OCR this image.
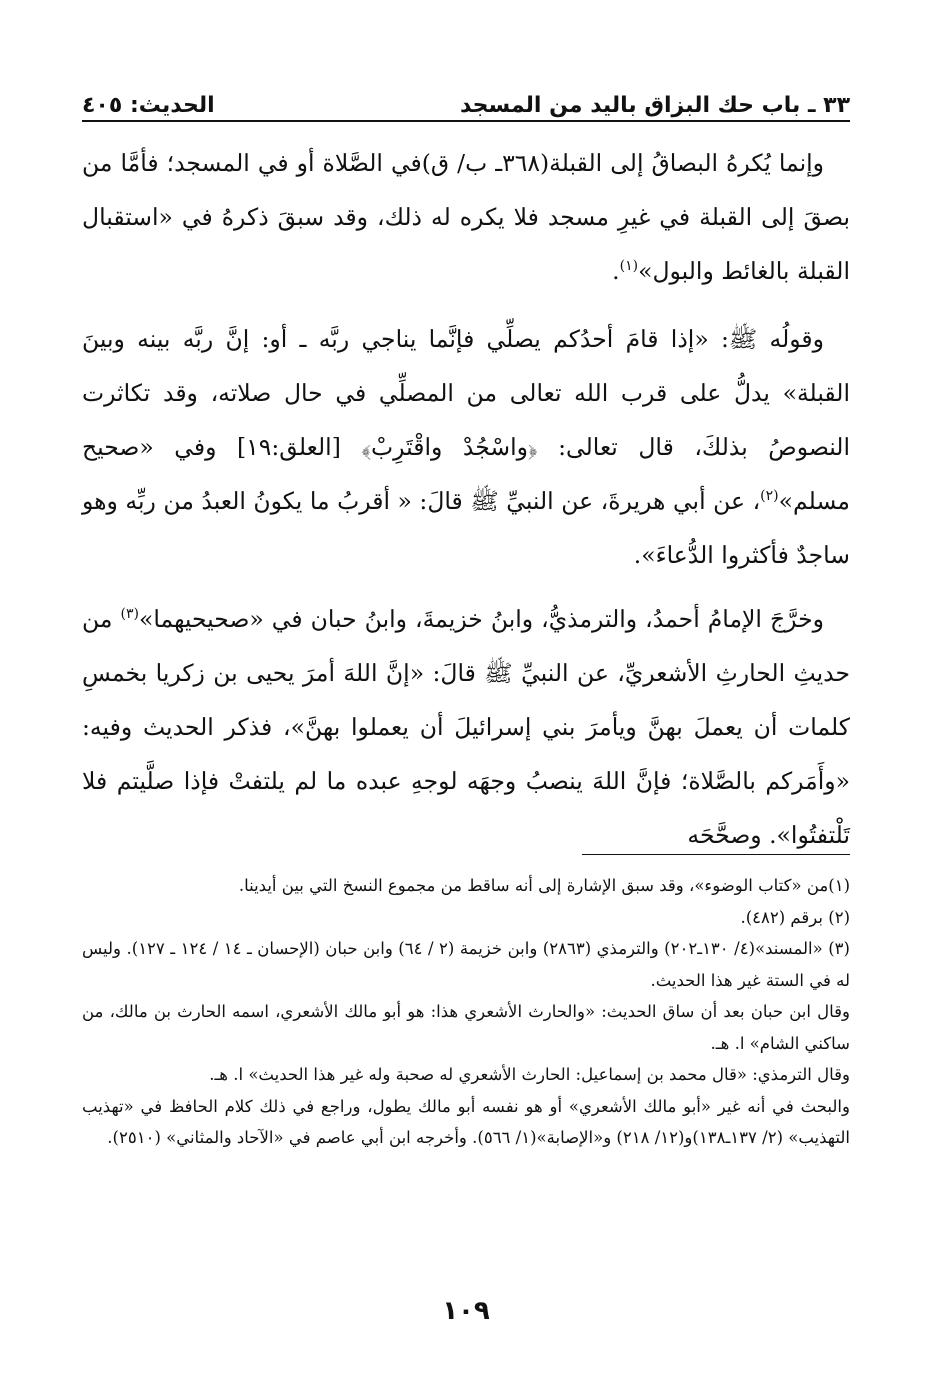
٣٣ ـ باب حك البزاق باليد من المسجد
الحديث: ٤٠٥

وإنما يُكرهُ البصاقُ إلى القبلة(٣٦٨ـ ب/ ق)في الصَّلاة أو في المسجد؛ فأمَّا من بصقَ إلى القبلة في غيرِ مسجد فلا يكره له ذلك، وقد سبقَ ذكرهُ في «استقبال القبلة بالغائط والبول»$^{(١)}$.

وقولُه ﷺ: «إذا قامَ أحدُكم يصلِّي فإنَّما يناجي ربَّه ـ أو: إنَّ ربَّه بينه وبينَ القبلة» يدلُّ على قرب الله تعالى من المصلِّي في حال صلاته، وقد تكاثرت النصوصُ بذلكَ، قال تعالى: ﴿واسْجُدْ واقْتَرِبْ﴾ [العلق:١٩] وفي «صحيح مسلم»$^{(٢)}$، عن أبي هريرةَ، عن النبيِّ ﷺ قالَ: « أقربُ ما يكونُ العبدُ من ربِّه وهو ساجدٌ فأكثروا الدُّعاءَ».

وخرَّجَ الإمامُ أحمدُ، والترمذيُّ، وابنُ خزيمةَ، وابنُ حبان في «صحيحيهما»$^{(٣)}$ من حديثِ الحارثِ الأشعريِّ، عن النبيِّ ﷺ قالَ: «إنَّ اللهَ أمرَ يحيى بن زكريا بخمسِ كلمات أن يعملَ بهنَّ ويأمرَ بني إسرائيلَ أن يعملوا بهنَّ»، فذكر الحديث وفيه: «وأَمَركم بالصَّلاة؛ فإنَّ اللهَ ينصبُ وجهَه لوجهِ عبده ما لم يلتفتْ فإذا صلَّيتم فلا تَلْتفتُوا». وصحَّحَه

(١)من «كتاب الوضوء»، وقد سبق الإشارة إلى أنه ساقط من مجموع النسخ التي بين أيدينا.

(٢) برقم (٤٨٢).

(٣) «المسند»(٤/ ١٣٠ـ٢٠٢) والترمذي (٢٨٦٣) وابن خزيمة (٢ / ٦٤) وابن حبان (الإحسان ـ ١٤ / ١٢٤ ـ ١٢٧). وليس له في الستة غير هذا الحديث.

وقال ابن حبان بعد أن ساق الحديث: «والحارث الأشعري هذا: هو أبو مالك الأشعري، اسمه الحارث بن مالك، من ساكني الشام» ا. هـ.

وقال الترمذي: «قال محمد بن إسماعيل: الحارث الأشعري له صحبة وله غير هذا الحديث» ا. هـ.

والبحث في أنه غير «أبو مالك الأشعري» أو هو نفسه أبو مالك يطول، وراجع في ذلك كلام الحافظ في «تهذيب التهذيب» (٢/ ١٣٧ـ١٣٨)و(١٢/ ٢١٨) و«الإصابة»(١/ ٥٦٦). وأخرجه ابن أبي عاصم في «الآحاد والمثاني» (٢٥١٠).

١٠٩
